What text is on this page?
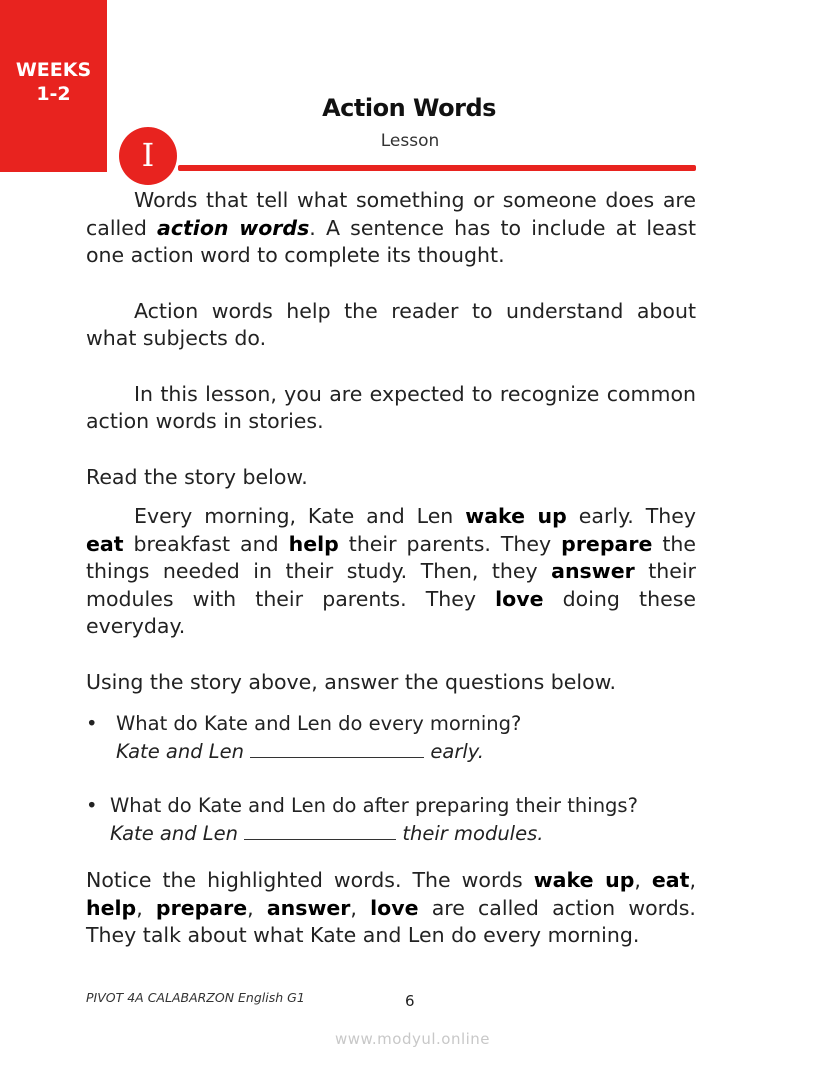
WEEKS
1-2	Action Words
Lesson
I

Words that tell what something or someone does are called action words. A sentence has to include at least one action word to complete its thought.

Action words help the reader to understand about what subjects do.

In this lesson, you are expected to recognize common action words in stories.

Read the story below.

Every morning, Kate and Len wake up early. They eat breakfast and help their parents. They prepare the things needed in their study. Then, they answer their modules with their parents. They love doing these everyday.

Using the story above, answer the questions below.

• What do Kate and Len do every morning?
Kate and Len	early.
• What do Kate and Len do after preparing their things?
Kate and Len	their modules.

Notice the highlighted words. The words wake up, eat, help, prepare, answer, love are called action words. They talk about what Kate and Len do every morning.

PIVOT 4A CALABARZON English G1	6
www.modyul.online
